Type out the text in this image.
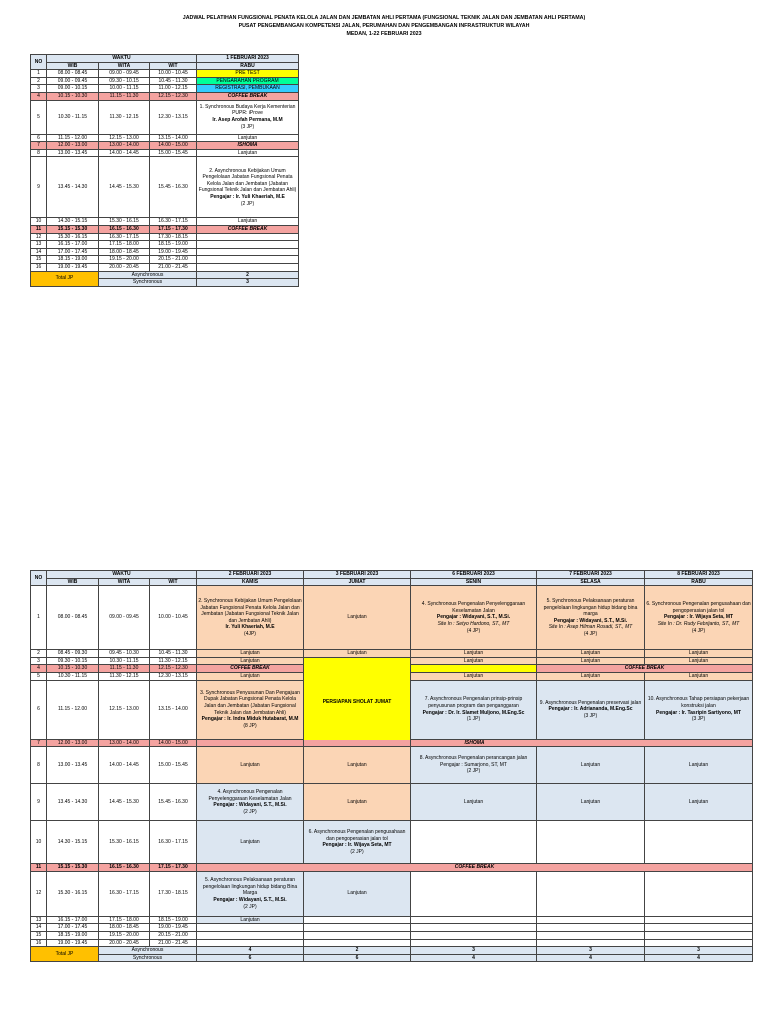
JADWAL PELATIHAN FUNGSIONAL PENATA KELOLA JALAN DAN JEMBATAN AHLI PERTAMA (FUNGSIONAL TEKNIK JALAN DAN JEMBATAN AHLI PERTAMA)
PUSAT PENGEMBANGAN KOMPETENSI JALAN, PERUMAHAN DAN PENGEMBANGAN INFRASTRUKTUR WILAYAH
MEDAN, 1-22 FEBRUARI 2023
NO	WAKTU			1 FEBRUARI 2023
	WIB	WITA	WIT	RABU
1	08.00 - 08.45	09.00 - 09.45	10.00 - 10.45	PRE TEST
2	09.00 - 09.45	09.30 - 10.15	10.45 - 11.30	PENGARAHAN PROGRAM
3	09.00 - 10.15	10.00 - 11.15	11.00 - 12.15	REGISTRASI, PEMBUKAAN
4	10.15 - 10.30	11.15 - 11.30	12.15 - 12.30	COFFEE BREAK
5	10.30 - 11.15	11.30 - 12.15	12.30 - 13.15	1. Synchronous Budaya Kerja Kementerian PUPR: iProve
Ir. Asep Arofah Permana, M.M
(3 JP)

6	11.15 - 12.00	12.15 - 13.00	13.15 - 14.00	Lanjutan
7	12.00 - 13.00	13.00 - 14.00	14.00 - 15.00	ISHOMA
8	13.00 - 13.45	14.00 - 14.45	15.00 - 15.45	Lanjutan
9	13.45 - 14.30	14.45 - 15.30	15.45 - 16.30	2. Asynchronous Kebijakan Umum Pengelolaan Jabatan Fungsional Penata Kelola Jalan dan Jembatan (Jabatan Fungsional Teknik Jalan dan Jembatan Ahli)
Pengajar : Ir. Yuli Khaeriah, M.E
(2 JP)

10	14.30 - 15.15	15.30 - 16.15	16.30 - 17.15	Lanjutan
11	15.15 - 15.30	16.15 - 16.30	17.15 - 17.30	COFFEE BREAK
12	15.30 - 16.15	16.30 - 17.15	17.30 - 18.15	
13	16.15 - 17.00	17.15 - 18.00	18.15 - 19.00	
14	17.00 - 17.45	18.00 - 18.45	19.00 - 19.45	
15	18.15 - 19.00	19.15 - 20.00	20.15 - 21.00	
16	19.00 - 19.45	20.00 - 20.45	21.00 - 21.45	
Total JP		Asynchronous		2
		Synchronous		3
NO	WAKTU			2 FEBRUARI 2023	3 FEBRUARI 2023	6 FEBRUARI 2023	7 FEBRUARI 2023	8 FEBRUARI 2023	
	WIB	WITA	WIT	KAMIS	JUMAT	SENIN	SELASA	RABU	
1	08.00 - 08.45	09.00 - 09.45	10.00 - 10.45	2. Synchronous Kebijakan Umum Pengelolaan Jabatan Fungsional Penata Kelola Jalan dan Jembatan (Jabatan Fungsional Teknik Jalan dan Jembatan Ahli)
Ir. Yuli Khaeriah, M.E
(4JP)	Lanjutan	4. Synchronous Pengenalan Penyelenggaraan Keselamatan Jalan
Pengajar : Widayani, S.T., M.Si.
Site In : Setyo Hardono, ST., MT
(4 JP)	5. Synchronous Pelaksanaan peraturan pengelolaan lingkungan hidup bidang bina marga
Pengajar : Widayani, S.T., M.Si.
Site In : Asep Hilman Rosadi, ST., MT
(4 JP)	6. Synchronous Pengenalan pengusahaan dan pengoperasian jalan tol
Pengajar : Ir. Wijaya Seta, MT
Site In : Dr. Rudy Febrijanto, ST., MT
(4 JP)	

2	08.45 - 09.30	09.45 - 10.30	10.45 - 11.30	Lanjutan	Lanjutan	Lanjutan	Lanjutan	Lanjutan	
3	09.30 - 10.15	10.30 - 11.15	11.30 - 12.15	Lanjutan	PERSIAPAN SHOLAT JUMAT	Lanjutan	Lanjutan	Lanjutan	
4	10.15 - 10.30	11.15 - 11.30	12.15 - 12.30	COFFEE BREAK			COFFEE BREAK		
5	10.30 - 11.15	11.30 - 12.15	12.30 - 13.15	Lanjutan		Lanjutan	Lanjutan	Lanjutan	
6	11.15 - 12.00	12.15 - 13.00	13.15 - 14.00	3. Synchronous Penyusunan Dan Pengajuan Dupak Jabatan Fungsional Penata Kelola Jalan dan Jembatan (Jabatan Fungsional Teknik Jalan dan Jembatan Ahli)
Pengajar : Ir. Indra Miduk Hutabarat, M.M
(8 JP)		7. Asynchronous Pengenalan prinsip-prinsip penyusunan program dan penganggaran
Pengajar : Dr. Ir. Slamet Muljono, M.Eng.Sc
(1 JP)	9. Asynchronous Pengenalan preservasi jalan
Pengajar : Ir. Adriananda, M.Eng.Sc
(3 JP)	10. Asynchronous Tahap persiapan pekerjaan konstruksi jalan
Pengajar : Ir. Tasripin Sartiyono, MT
(3 JP)	

7	12.00 - 13.00	13.00 - 14.00	14.00 - 15.00	ISHOMA					
8	13.00 - 13.45	14.00 - 14.45	15.00 - 15.45	Lanjutan	Lanjutan	8. Asynchronous Pengenalan perancangan jalan
Pengajar : Sumarjono, ST, MT
(2 JP)	Lanjutan	Lanjutan	
9	13.45 - 14.30	14.45 - 15.30	15.45 - 16.30	4. Asynchronous Pengenalan Penyelenggaraan Keselamatan Jalan
Pengajar : Widayani, S.T., M.Si.
(2 JP)	Lanjutan	Lanjutan	Lanjutan	Lanjutan	
10	14.30 - 15.15	15.30 - 16.15	16.30 - 17.15	Lanjutan	6. Asynchronous Pengenalan pengusahaan dan pengoperasian jalan tol
Pengajar : Ir. Wijaya Seta, MT
(2 JP)				

11	15.15 - 15.30	16.15 - 16.30	17.15 - 17.30	COFFEE BREAK					
12	15.30 - 16.15	16.30 - 17.15	17.30 - 18.15	5. Asynchronous Pelaksanaan peraturan pengelolaan lingkungan hidup bidang Bina Marga
Pengajar : Widayani, S.T., M.Si.
(2 JP)	Lanjutan				
13	16.15 - 17.00	17.15 - 18.00	18.15 - 19.00	Lanjutan					
14	17.00 - 17.45	18.00 - 18.45	19.00 - 19.45						
15	18.15 - 19.00	19.15 - 20.00	20.15 - 21.00						
16	19.00 - 19.45	20.00 - 20.45	21.00 - 21.45						
Total JP		Asynchronous		4	2	3	3	3	
		Synchronous		6	6	4	4	4	
